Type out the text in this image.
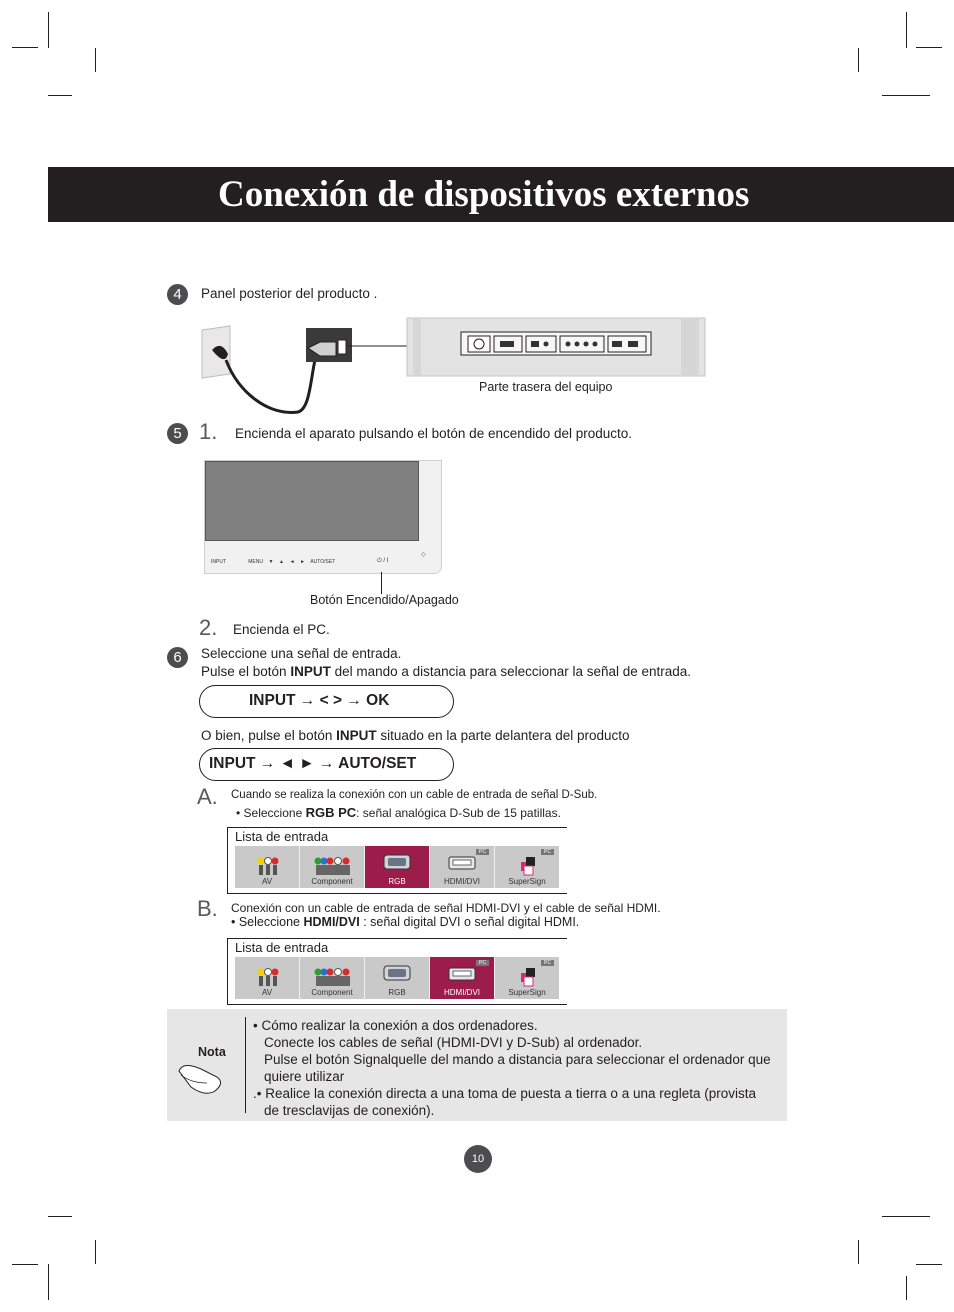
Conexión de dispositivos externos
4	Panel posterior del producto .
Parte trasera del equipo
5 1. Encienda el aparato pulsando el botón de encendido del producto.
INPUT	MENU ▼ ▲ ◄ ► AUTO/SET	⏻ / I
◇
Botón Encendido/Apagado
2. Encienda el PC.
6	Seleccione una señal de entrada.
Pulse el botón INPUT del mando a distancia para seleccionar la señal de entrada.
INPUT → < > → OK
O bien, pulse el botón INPUT situado en la parte delantera del producto
INPUT → ◄ ► → AUTO/SET
A. Cuando se realiza la conexión con un cable de entrada de señal D-Sub.
• Seleccione RGB PC: señal analógica D-Sub de 15 patillas.
Lista de entrada
AV	Component	RGB
PC
HDMI/DVI
PC
SuperSign
B. Conexión con un cable de entrada de señal HDMI-DVI y el cable de señal HDMI.
• Seleccione HDMI/DVI : señal digital DVI o señal digital HDMI.
Lista de entrada
AV	Component	RGB
PC
HDMI/DVI
PC
SuperSign
Nota
• Cómo realizar la conexión a dos ordenadores.
Conecte los cables de señal (HDMI-DVI y D-Sub) al ordenador.
Pulse el botón Signalquelle del mando a distancia para seleccionar el ordenador que quiere utilizar
.• Realice la conexión directa a una toma de puesta a tierra o a una regleta (provista
de tresclavijas de conexión).
10
